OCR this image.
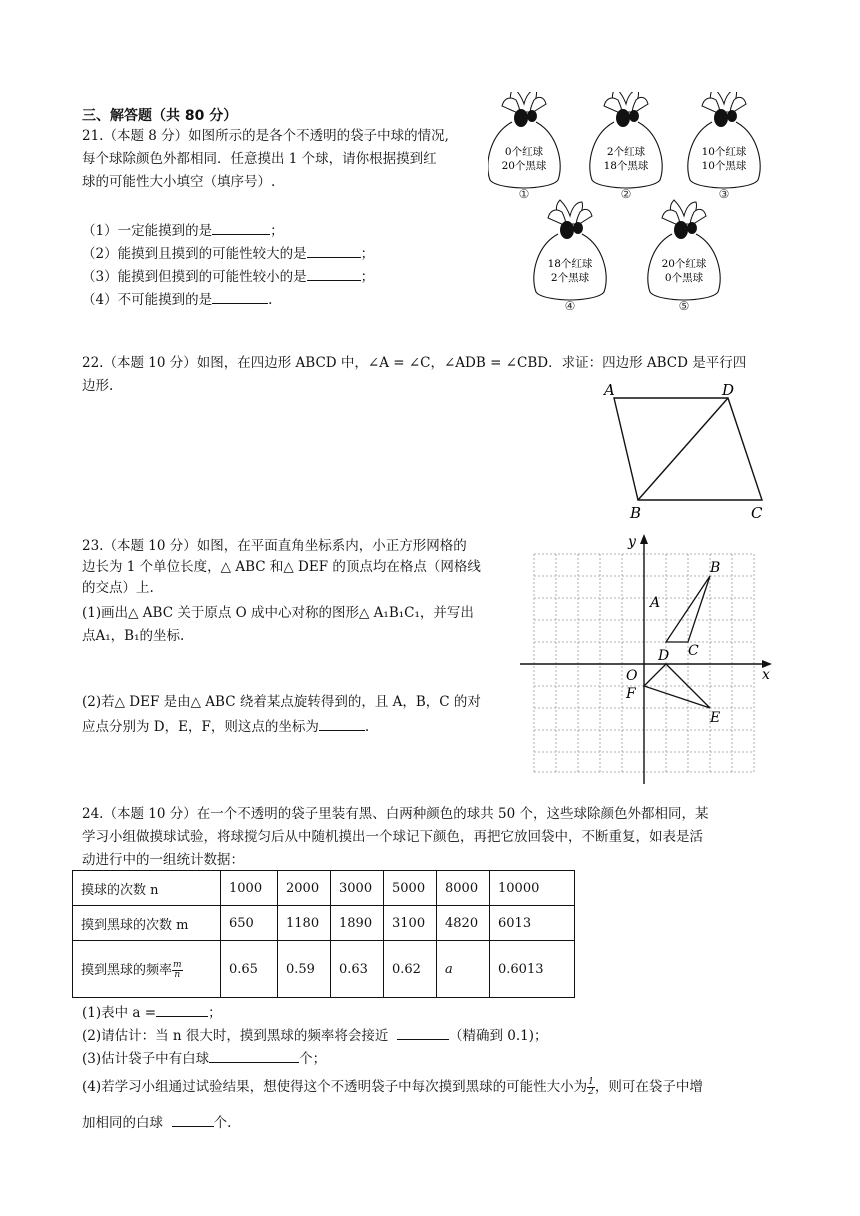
三、解答题（共 80 分）
21.（本题 8 分）如图所示的是各个不透明的袋子中球的情况,
每个球除颜色外都相同．任意摸出 1 个球，请你根据摸到红
球的可能性大小填空（填序号）.
（1）一定能摸到的是	；
（2）能摸到且摸到的可能性较大的是	；
（3）能摸到但摸到的可能性较小的是	；
（4）不可能摸到的是	.
0个红球
20个黑球
①
2个红球
18个黑球
②
10个红球
10个黑球
③
18个红球
2个黑球
④
20个红球
0个黑球
⑤
22.（本题 10 分）如图，在四边形 ABCD 中，∠A = ∠C，∠ADB = ∠CBD．求证：四边形 ABCD 是平行四
边形.	A	D
B	C
23.（本题 10 分）如图，在平面直角坐标系内，小正方形网格的
边长为 1 个单位长度，△ ABC 和△ DEF 的顶点均在格点（网格线
的交点）上.
(1)画出△ ABC 关于原点 O 成中心对称的图形△ A₁B₁C₁，并写出
点A₁，B₁的坐标.
(2)若△ DEF 是由△ ABC 绕着某点旋转得到的，且 A，B，C 的对
应点分别为 D，E，F，则这点的坐标为	.
x
y
O
A
B
C
D
E
F
24.（本题 10 分）在一个不透明的袋子里装有黑、白两种颜色的球共 50 个，这些球除颜色外都相同，某
学习小组做摸球试验，将球搅匀后从中随机摸出一个球记下颜色，再把它放回袋中，不断重复，如表是活
动进行中的一组统计数据：
摸球的次数 n	1000	2000	3000	5000	8000	10000
摸到黑球的次数 m	650	1180	1890	3100	4820	6013
摸到黑球的频率 $\frac{m}{n}$	0.65	0.59	0.63	0.62	a	0.6013
(1)表中 a =	；
(2)请估计：当 n 很大时，摸到黑球的频率将会接近	（精确到 0.1)；
(3)估计袋子中有白球	个；
(4)若学习小组通过试验结果，想使得这个不透明袋子中每次摸到黑球的可能性大小为 $\frac{1}{2}$ ，则可在袋子中增
加相同的白球	个.
